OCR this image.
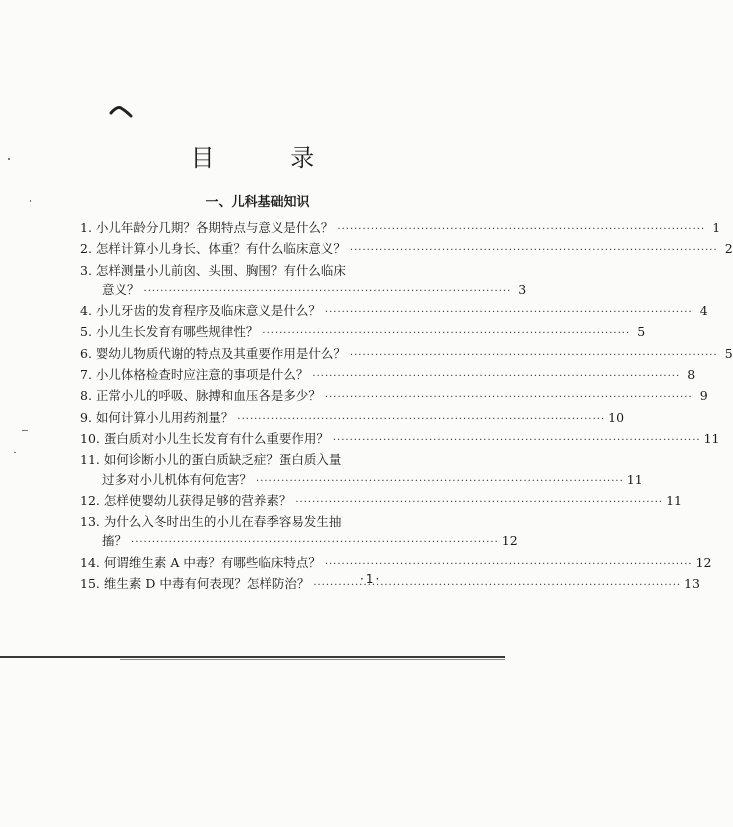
目 录
一、儿科基础知识
1. 小儿年龄分几期？各期特点与意义是什么？ ·····	1
2. 怎样计算小儿身长、体重？有什么临床意义？ ·····	2
3. 怎样测量小儿前囟、头围、胸围？有什么临床
意义？ ·····	3
4. 小儿牙齿的发育程序及临床意义是什么？ ·····	4
5. 小儿生长发育有哪些规律性？ ·····	5
6. 婴幼儿物质代谢的特点及其重要作用是什么？ ·····	5
7. 小儿体格检查时应注意的事项是什么？ ·····	8
8. 正常小儿的呼吸、脉搏和血压各是多少？ ·····	9
9. 如何计算小儿用药剂量？ ·····	10
10. 蛋白质对小儿生长发育有什么重要作用？ ·····	11
11. 如何诊断小儿的蛋白质缺乏症？蛋白质入量
过多对小儿机体有何危害？ ·····	11
12. 怎样使婴幼儿获得足够的营养素？ ·····	11
13. 为什么入冬时出生的小儿在春季容易发生抽
搐？ ·····	12
14. 何谓维生素 A 中毒？有哪些临床特点？ ·····	12
15. 维生素 D 中毒有何表现？怎样防治？ ·····	13
·1·
